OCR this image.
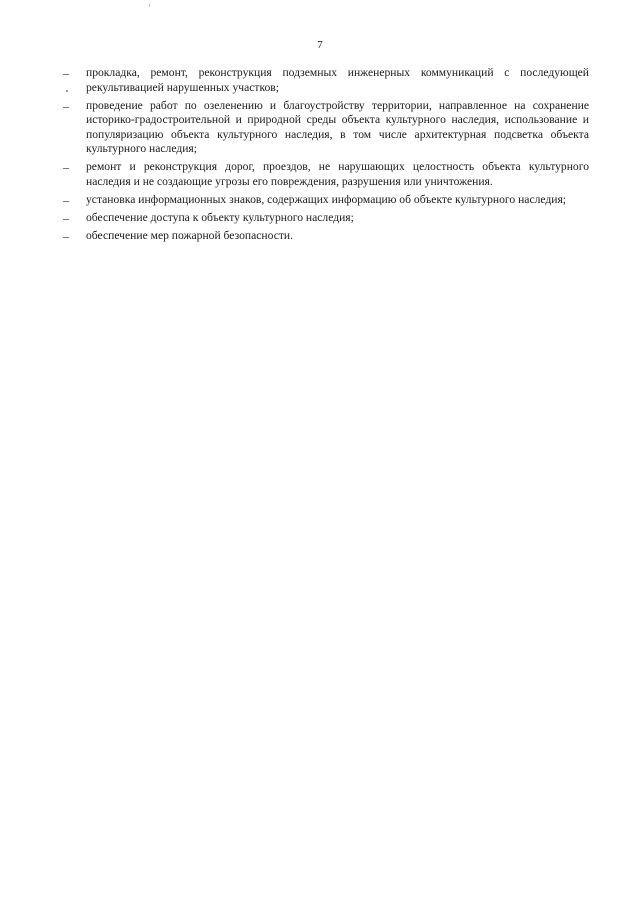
7
– прокладка, ремонт, реконструкция подземных инженерных коммуникаций с последующей рекультивацией нарушенных участков;
– проведение работ по озеленению и благоустройству территории, направленное на сохранение историко-градостроительной и природной среды объекта культурного наследия, использование и популяризацию объекта культурного наследия, в том числе архитектурная подсветка объекта культурного наследия;
– ремонт и реконструкция дорог, проездов, не нарушающих целостность объекта культурного наследия и не создающие угрозы его повреждения, разрушения или уничтожения.
– установка информационных знаков, содержащих информацию об объекте культурного наследия;
– обеспечение доступа к объекту культурного наследия;
– обеспечение мер пожарной безопасности.
